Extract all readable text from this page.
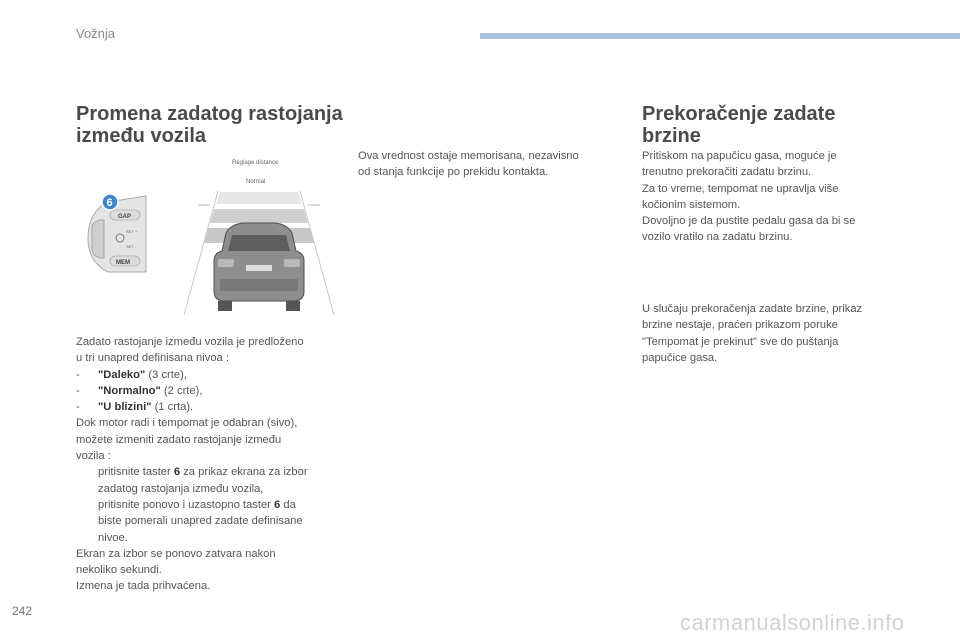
Vožnja
Promena zadatog rastojanja
između vozila
GAP
SET +
SET -
MEM
6
Réglage distance
Normal

Zadato rastojanje između vozila je predloženo

u tri unapred definisana nivoa :

-	"Daleko" (3 crte),
-	"Normalno" (2 crte),
-	"U blizini" (1 crta).

Dok motor radi i tempomat je odabran (sivo),

možete izmeniti zadato rastojanje između

vozila :

pritisnite taster 6 za prikaz ekrana za izbor
zadatog rastojanja između vozila,
pritisnite ponovo i uzastopno taster 6 da
biste pomerali unapred zadate definisane
nivoe.

Ekran za izbor se ponovo zatvara nakon

nekoliko sekundi.

Izmena je tada prihvaćena.

Ova vrednost ostaje memorisana, nezavisno

od stanja funkcije po prekidu kontakta.

Prekoračenje zadate
brzine

Pritiskom na papučicu gasa, moguće je

trenutno prekoračiti zadatu brzinu.

Za to vreme, tempomat ne upravlja više

kočionim sistemom.

Dovoljno je da pustite pedalu gasa da bi se

vozilo vratilo na zadatu brzinu.

U slučaju prekoračenja zadate brzine, prikaz

brzine nestaje, praćen prikazom poruke

"Tempomat je prekinut" sve do puštanja

papučice gasa.

242	carmanualsonline.info
